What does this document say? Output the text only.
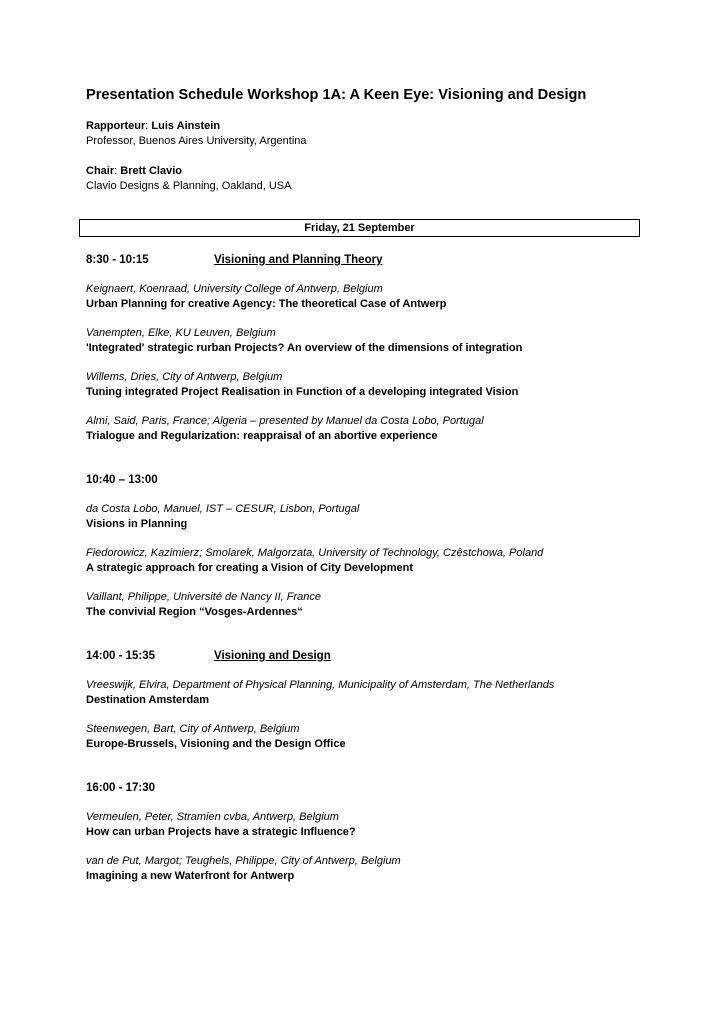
Presentation Schedule Workshop 1A: A Keen Eye: Visioning and Design
Rapporteur: Luis Ainstein
Professor, Buenos Aires University, Argentina
Chair: Brett Clavio
Clavio Designs & Planning, Oakland, USA
Friday, 21 September
8:30 - 10:15	Visioning and Planning Theory
Keignaert, Koenraad, University College of Antwerp, Belgium
Urban Planning for creative Agency: The theoretical Case of Antwerp
Vanempten, Elke, KU Leuven, Belgium
'Integrated' strategic rurban Projects? An overview of the dimensions of integration
Willems, Dries, City of Antwerp, Belgium
Tuning integrated Project Realisation in Function of a developing integrated Vision
Almi, Said, Paris, France; Algeria – presented by Manuel da Costa Lobo, Portugal
Trialogue and Regularization: reappraisal of an abortive experience
10:40 – 13:00
da Costa Lobo, Manuel, IST – CESUR, Lisbon, Portugal
Visions in Planning
Fiedorowicz, Kazimierz; Smolarek, Malgorzata, University of Technology, Czêstchowa, Poland
A strategic approach for creating a Vision of City Development
Vaillant, Philippe, Université de Nancy II, France
The convivial Region “Vosges-Ardennes“
14:00 - 15:35	Visioning and Design
Vreeswijk, Elvira, Department of Physical Planning, Municipality of Amsterdam, The Netherlands
Destination Amsterdam
Steenwegen, Bart, City of Antwerp, Belgium
Europe-Brussels, Visioning and the Design Office
16:00 - 17:30
Vermeulen, Peter, Stramien cvba, Antwerp, Belgium
How can urban Projects have a strategic Influence?
van de Put, Margot; Teughels, Philippe, City of Antwerp, Belgium
Imagining a new Waterfront for Antwerp
